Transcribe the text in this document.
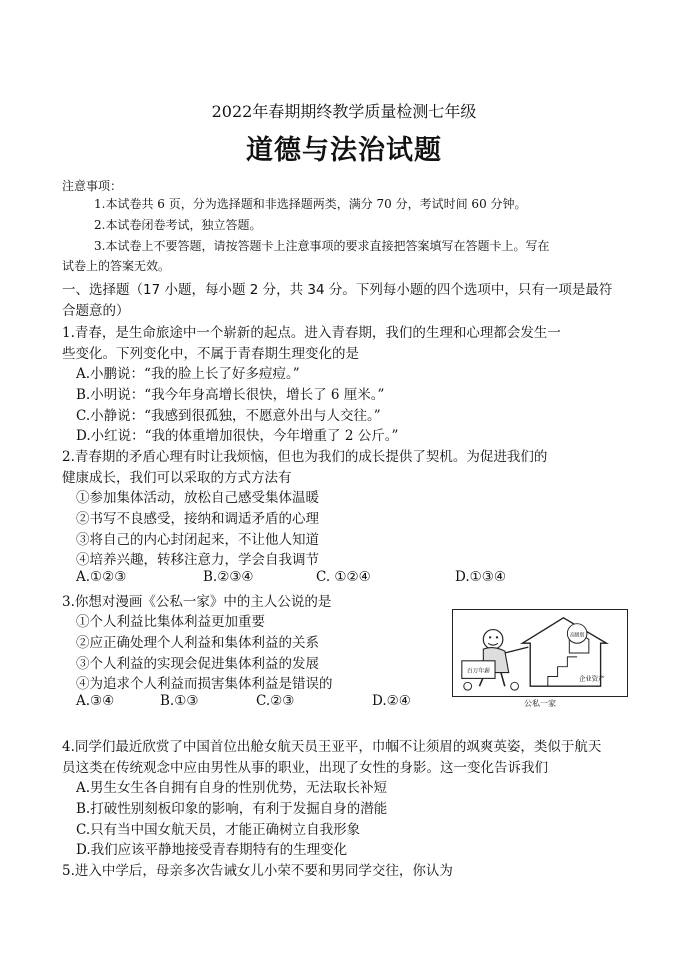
2022年春期期终教学质量检测七年级
道德与法治试题
注意事项：
1.本试卷共 6 页，分为选择题和非选择题两类，满分 70 分，考试时间 60 分钟。
2.本试卷闭卷考试，独立答题。
3.本试卷上不要答题，请按答题卡上注意事项的要求直接把答案填写在答题卡上。写在
试卷上的答案无效。
一、选择题（17 小题，每小题 2 分，共 34 分。下列每小题的四个选项中，只有一项是最符
合题意的）
1.青春，是生命旅途中一个崭新的起点。进入青春期，我们的生理和心理都会发生一
些变化。下列变化中，不属于青春期生理变化的是
A.小鹏说：“我的脸上长了好多痘痘。”
B.小明说：“我今年身高增长很快，增长了 6 厘米。”
C.小静说：“我感到很孤独，不愿意外出与人交往。”
D.小红说：“我的体重增加很快，今年增重了 2 公斤。”
2.青春期的矛盾心理有时让我烦恼，但也为我们的成长提供了契机。为促进我们的
健康成长，我们可以采取的方式方法有
①参加集体活动，放松自己感受集体温暖
②书写不良感受，接纳和调适矛盾的心理
③将自己的内心封闭起来，不让他人知道
④培养兴趣，转移注意力，学会自我调节
A.①②③	B.②③④	C. ①②④	D.①③④
3.你想对漫画《公私一家》中的主人公说的是
①个人利益比集体利益更加重要
②应正确处理个人利益和集体利益的关系
③个人利益的实现会促进集体利益的发展
④为追求个人利益而损害集体利益是错误的
A.③④	B.①③	C.②③	D.②④
高级别
企业资产
百万年薪
公私一家
4.同学们最近欣赏了中国首位出舱女航天员王亚平，巾帼不让须眉的飒爽英姿，类似于航天
员这类在传统观念中应由男性从事的职业，出现了女性的身影。这一变化告诉我们
A.男生女生各自拥有自身的性别优势，无法取长补短
B.打破性别刻板印象的影响，有利于发掘自身的潜能
C.只有当中国女航天员，才能正确树立自我形象
D.我们应该平静地接受青春期特有的生理变化
5.进入中学后，母亲多次告诫女儿小荣不要和男同学交往，你认为
